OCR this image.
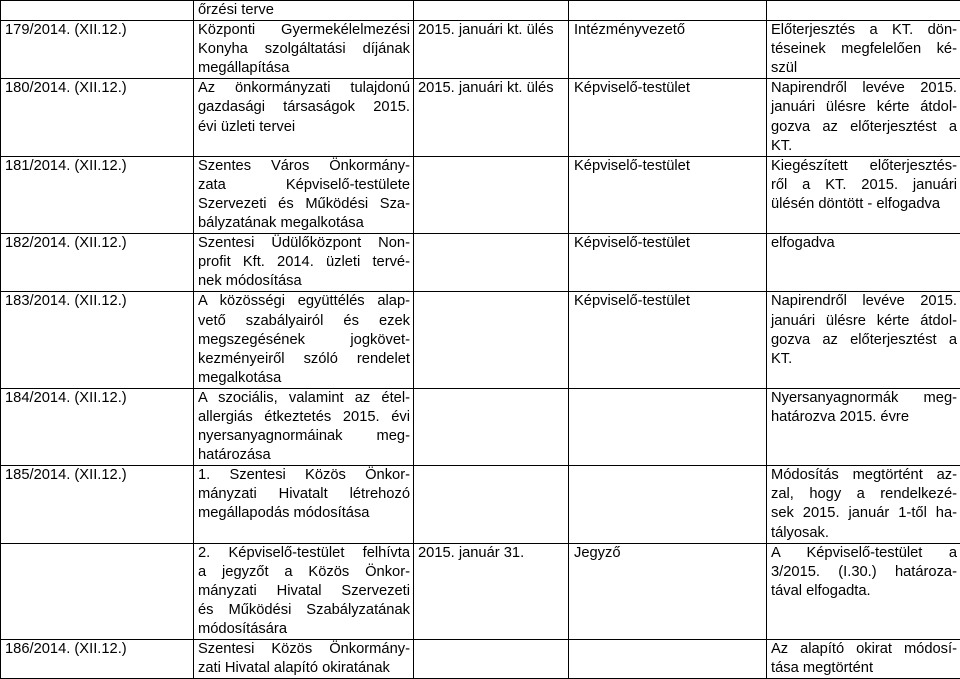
	őrzési terve			

179/2014. (XII.12.)	Központi Gyermekélelmezési
Konyha szolgáltatási díjának
megállapítása	2015. januári kt. ülés	Intézményvezető	Előterjesztés a KT. dön-
téseinek megfelelően ké-
szül

180/2014. (XII.12.)	Az önkormányzati tulajdonú
gazdasági társaságok 2015.
évi üzleti tervei	2015. januári kt. ülés	Képviselő-testület	Napirendről levéve 2015.
januári ülésre kérte átdol-
gozva az előterjesztést a
KT.

181/2014. (XII.12.)	Szentes Város Önkormány-
zata Képviselő-testülete
Szervezeti és Működési Sza-
bályzatának megalkotása		Képviselő-testület	Kiegészített előterjesztés-
ről a KT. 2015. januári
ülésén döntött - elfogadva

182/2014. (XII.12.)	Szentesi Üdülőközpont Non-
profit Kft. 2014. üzleti tervé-
nek módosítása		Képviselő-testület	elfogadva

183/2014. (XII.12.)	A közösségi együttélés alap-
vető szabályairól és ezek
megszegésének jogkövet-
kezményeiről szóló rendelet
megalkotása		Képviselő-testület	Napirendről levéve 2015.
januári ülésre kérte átdol-
gozva az előterjesztést a
KT.

184/2014. (XII.12.)	A szociális, valamint az étel-
allergiás étkeztetés 2015. évi
nyersanyagnormáinak meg-
határozása			Nyersanyagnormák meg-
határozva 2015. évre

185/2014. (XII.12.)	1. Szentesi Közös Önkor-
mányzati Hivatalt létrehozó
megállapodás módosítása			Módosítás megtörtént az-
zal, hogy a rendelkezé-
sek 2015. január 1-től ha-
tályosak.

	2. Képviselő-testület felhívta
a jegyzőt a Közös Önkor-
mányzati Hivatal Szervezeti
és Működési Szabályzatának
módosítására	2015. január 31.	Jegyző	A Képviselő-testület a
3/2015. (I.30.) határoza-
tával elfogadta.

186/2014. (XII.12.)	Szentesi Közös Önkormány-
zati Hivatal alapító okiratának			Az alapító okirat módosí-
tása megtörtént
